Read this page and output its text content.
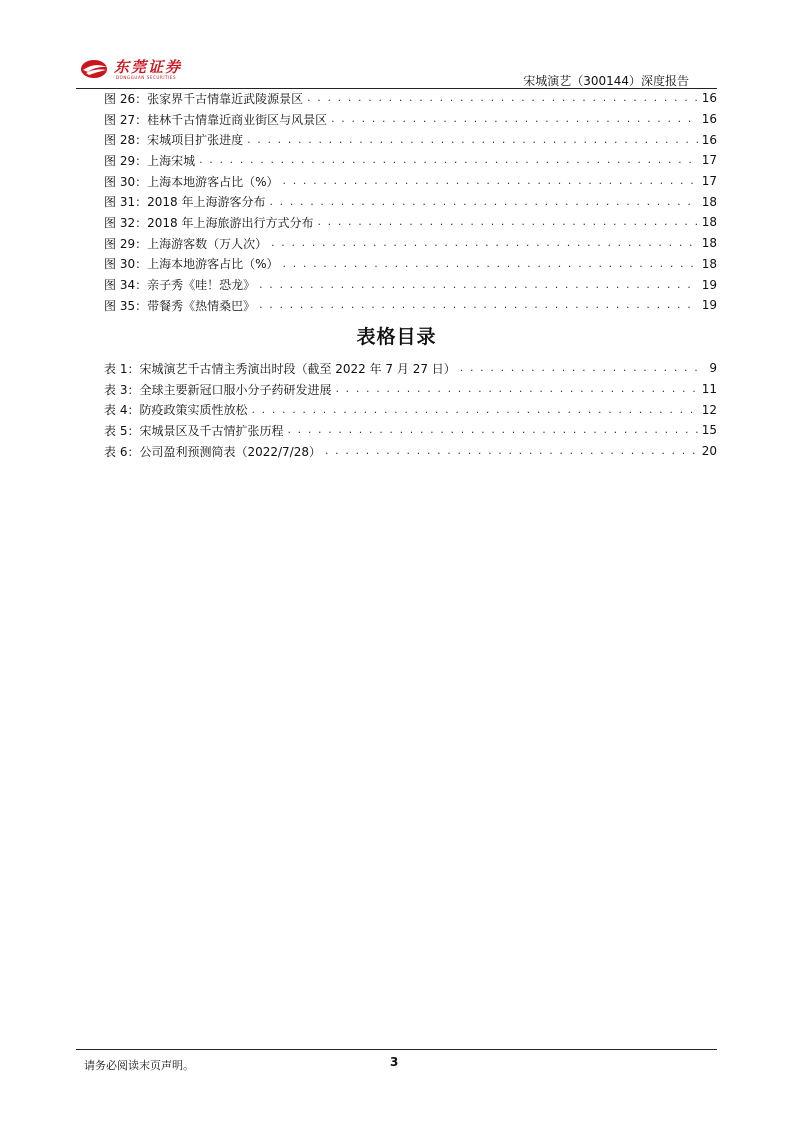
东莞证券
DONGGUAN SECURITIES	宋城演艺（300144）深度报告
图 26：张家界千古情靠近武陵源景区 . . .	16
图 27：桂林千古情靠近商业街区与风景区 . . .	16
图 28：宋城项目扩张进度 . . .	16
图 29：上海宋城 . . .	17
图 30：上海本地游客占比（%） . . .	17
图 31：2018 年上海游客分布 . . .	18
图 32：2018 年上海旅游出行方式分布 . . .	18
图 29：上海游客数（万人次） . . .	18
图 30：上海本地游客占比（%） . . .	18
图 34：亲子秀《哇！恐龙》 . . .	19
图 35：带餐秀《热情桑巴》 . . .	19
表格目录
表 1：宋城演艺千古情主秀演出时段（截至 2022 年 7 月 27 日） . . .	9
表 3：全球主要新冠口服小分子药研发进展 . . .	11
表 4：防疫政策实质性放松 . . .	12
表 5：宋城景区及千古情扩张历程 . . .	15
表 6：公司盈利预测简表（2022/7/28） . . .	20
请务必阅读末页声明。	3
